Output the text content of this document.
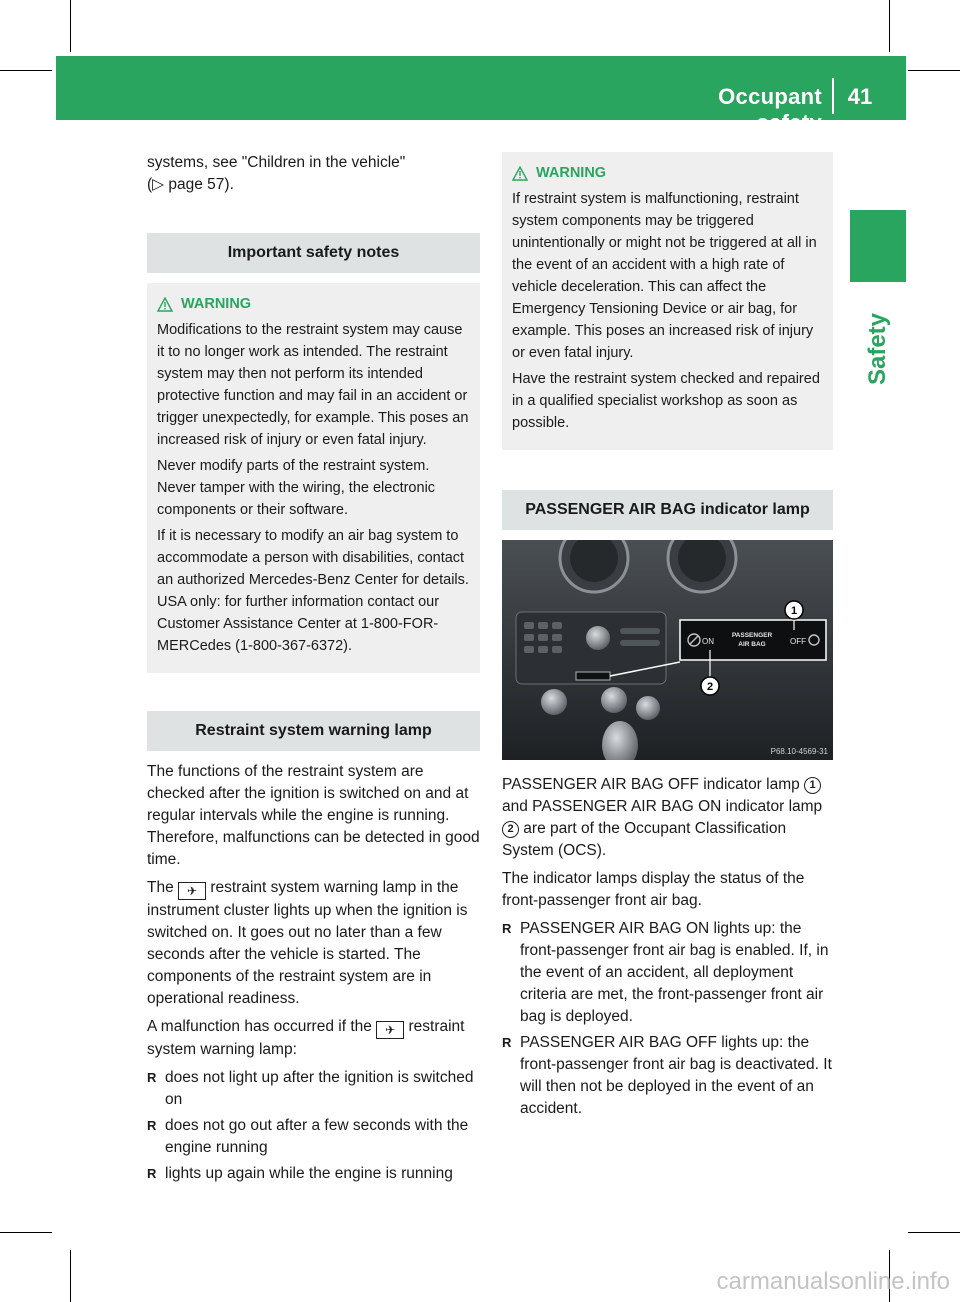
Occupant safety
41
Safety

systems, see "Children in the vehicle"
(▷ page 57).

Important safety notes
WARNING

Modifications to the restraint system may cause it to no longer work as intended. The restraint system may then not perform its intended protective function and may fail in an accident or trigger unexpectedly, for example. This poses an increased risk of injury or even fatal injury.

Never modify parts of the restraint system. Never tamper with the wiring, the electronic components or their software.

If it is necessary to modify an air bag system to accommodate a person with disabilities, contact an authorized Mercedes-Benz Center for details. USA only: for further information contact our Customer Assistance Center at 1-800-FOR-MERCedes (1-800-367-6372).

Restraint system warning lamp

The functions of the restraint system are checked after the ignition is switched on and at regular intervals while the engine is running. Therefore, malfunctions can be detected in good time.

The ✈ restraint system warning lamp in the instrument cluster lights up when the ignition is switched on. It goes out no later than a few seconds after the vehicle is started. The components of the restraint system are in operational readiness.

A malfunction has occurred if the ✈ restraint system warning lamp:

R does not light up after the ignition is switched on
R does not go out after a few seconds with the engine running
R lights up again while the engine is running
WARNING

If restraint system is malfunctioning, restraint system components may be triggered unintentionally or might not be triggered at all in the event of an accident with a high rate of vehicle deceleration. This can affect the Emergency Tensioning Device or air bag, for example. This poses an increased risk of injury or even fatal injury.

Have the restraint system checked and repaired in a qualified specialist workshop as soon as possible.

PASSENGER AIR BAG indicator lamp
ON
PASSENGER
AIR BAG	OFF
1
2
P68.10-4569-31

PASSENGER AIR BAG OFF indicator lamp 1 and PASSENGER AIR BAG ON indicator lamp 2 are part of the Occupant Classification System (OCS).

The indicator lamps display the status of the front-passenger front air bag.

R PASSENGER AIR BAG ON lights up: the front-passenger front air bag is enabled. If, in the event of an accident, all deployment criteria are met, the front-passenger front air bag is deployed.
R PASSENGER AIR BAG OFF lights up: the front-passenger front air bag is deactivated. It will then not be deployed in the event of an accident.
carmanualsonline.info
